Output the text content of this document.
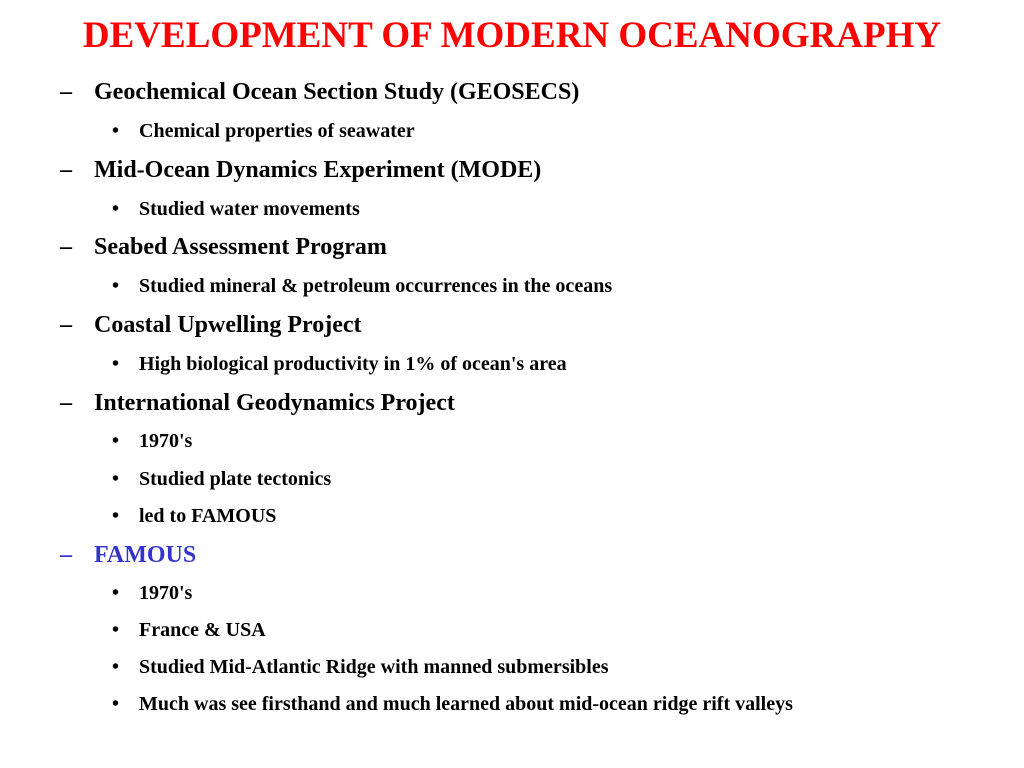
DEVELOPMENT OF MODERN OCEANOGRAPHY
– Geochemical Ocean Section Study (GEOSECS)
• Chemical properties of seawater
– Mid-Ocean Dynamics Experiment (MODE)
• Studied water movements
– Seabed Assessment Program
• Studied mineral & petroleum occurrences in the oceans
– Coastal Upwelling Project
• High biological productivity in 1% of ocean's area
– International Geodynamics Project
• 1970's
• Studied plate tectonics
• led to FAMOUS
– FAMOUS
• 1970's
• France & USA
• Studied Mid-Atlantic Ridge with manned submersibles
• Much was see firsthand and much learned about mid-ocean ridge rift valleys
